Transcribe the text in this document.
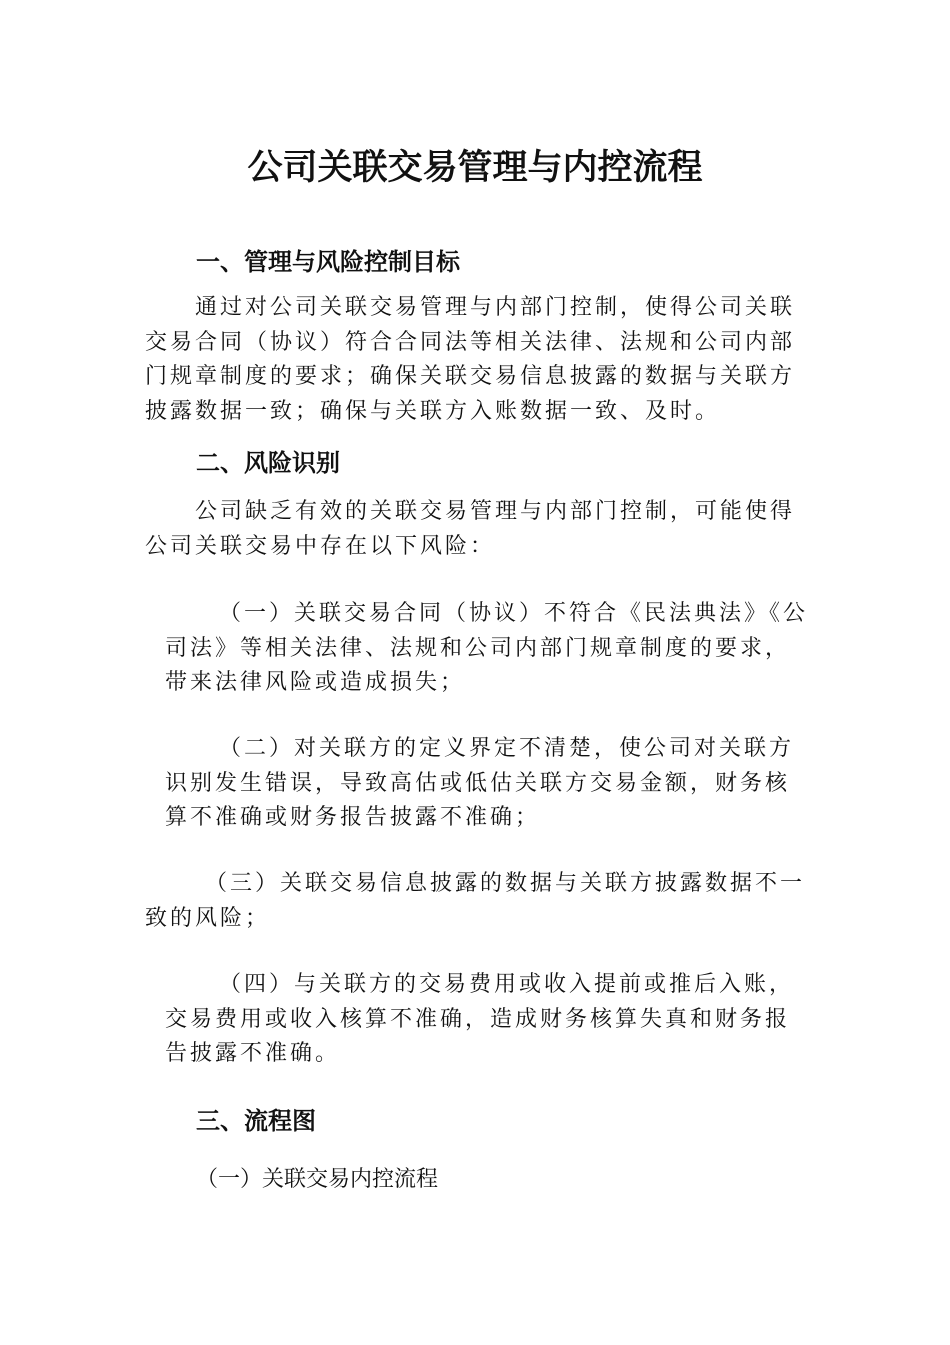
公司关联交易管理与内控流程
一、管理与风险控制目标

通过对公司关联交易管理与内部门控制，使得公司关联交易合同（协议）符合合同法等相关法律、法规和公司内部门规章制度的要求；确保关联交易信息披露的数据与关联方披露数据一致；确保与关联方入账数据一致、及时。

二、风险识别

公司缺乏有效的关联交易管理与内部门控制，可能使得公司关联交易中存在以下风险：

（一）关联交易合同（协议）不符合《民法典法》《公司法》等相关法律、法规和公司内部门规章制度的要求，带来法律风险或造成损失；

（二）对关联方的定义界定不清楚，使公司对关联方识别发生错误，导致高估或低估关联方交易金额，财务核算不准确或财务报告披露不准确；

（三）关联交易信息披露的数据与关联方披露数据不一致的风险；

（四）与关联方的交易费用或收入提前或推后入账，交易费用或收入核算不准确，造成财务核算失真和财务报告披露不准确。

三、流程图

（一）关联交易内控流程
